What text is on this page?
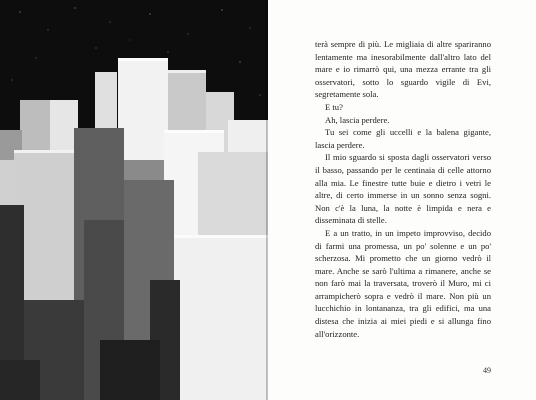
terà sempre di più. Le migliaia di altre spariranno lentamente ma inesorabilmente dall'altro lato del mare e io rimarrò qui, una mezza errante tra gli osservatori, sotto lo sguardo vigile di Evi, segretamente sola.

E tu?

Ah, lascia perdere.

Tu sei come gli uccelli e la balena gigante, lascia perdere.

Il mio sguardo si sposta dagli osservatori verso il basso, passando per le centinaia di celle attorno alla mia. Le finestre tutte buie e dietro i vetri le altre, di certo immerse in un sonno senza sogni. Non c'è la luna, la notte è limpida e nera e disseminata di stelle.

E a un tratto, in un impeto improvviso, decido di farmi una promessa, un po' solenne e un po' scherzosa. Mi prometto che un giorno vedrò il mare. Anche se sarò l'ultima a rimanere, anche se non farò mai la traversata, troverò il Muro, mi ci arrampicherò sopra e vedrò il mare. Non più un lucchichio in lontananza, tra gli edifici, ma una distesa che inizia ai miei piedi e si allunga fino all'orizzonte.

49
